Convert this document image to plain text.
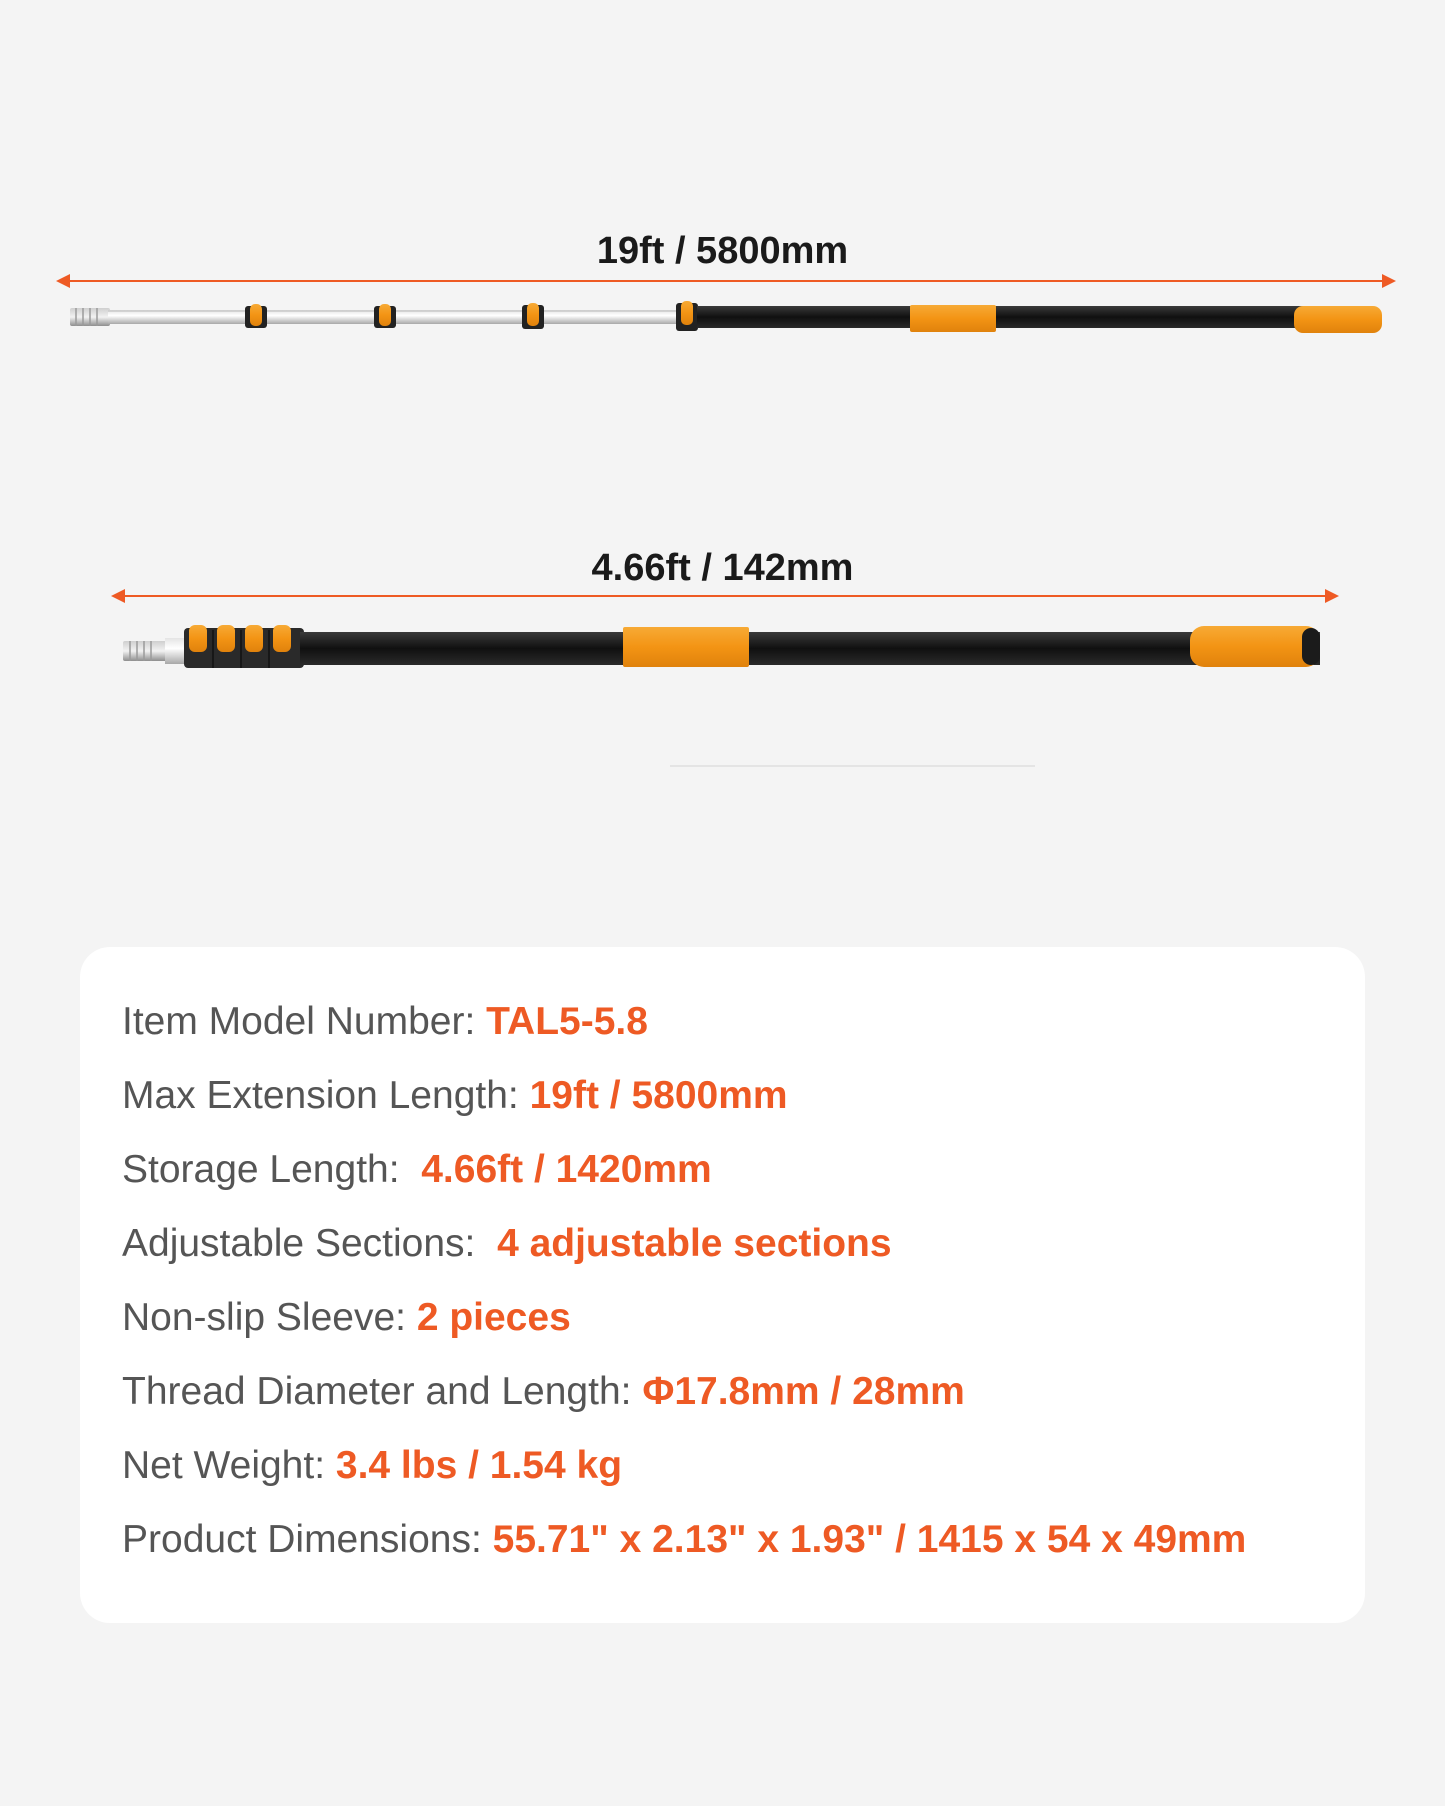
19ft / 5800mm
4.66ft / 142mm
Item Model Number: TAL5-5.8
Max Extension Length: 19ft / 5800mm
Storage Length:  4.66ft / 1420mm
Adjustable Sections:  4 adjustable sections
Non-slip Sleeve: 2 pieces
Thread Diameter and Length: Φ17.8mm / 28mm
Net Weight: 3.4 lbs / 1.54 kg
Product Dimensions: 55.71" x 2.13" x 1.93" / 1415 x 54 x 49mm
